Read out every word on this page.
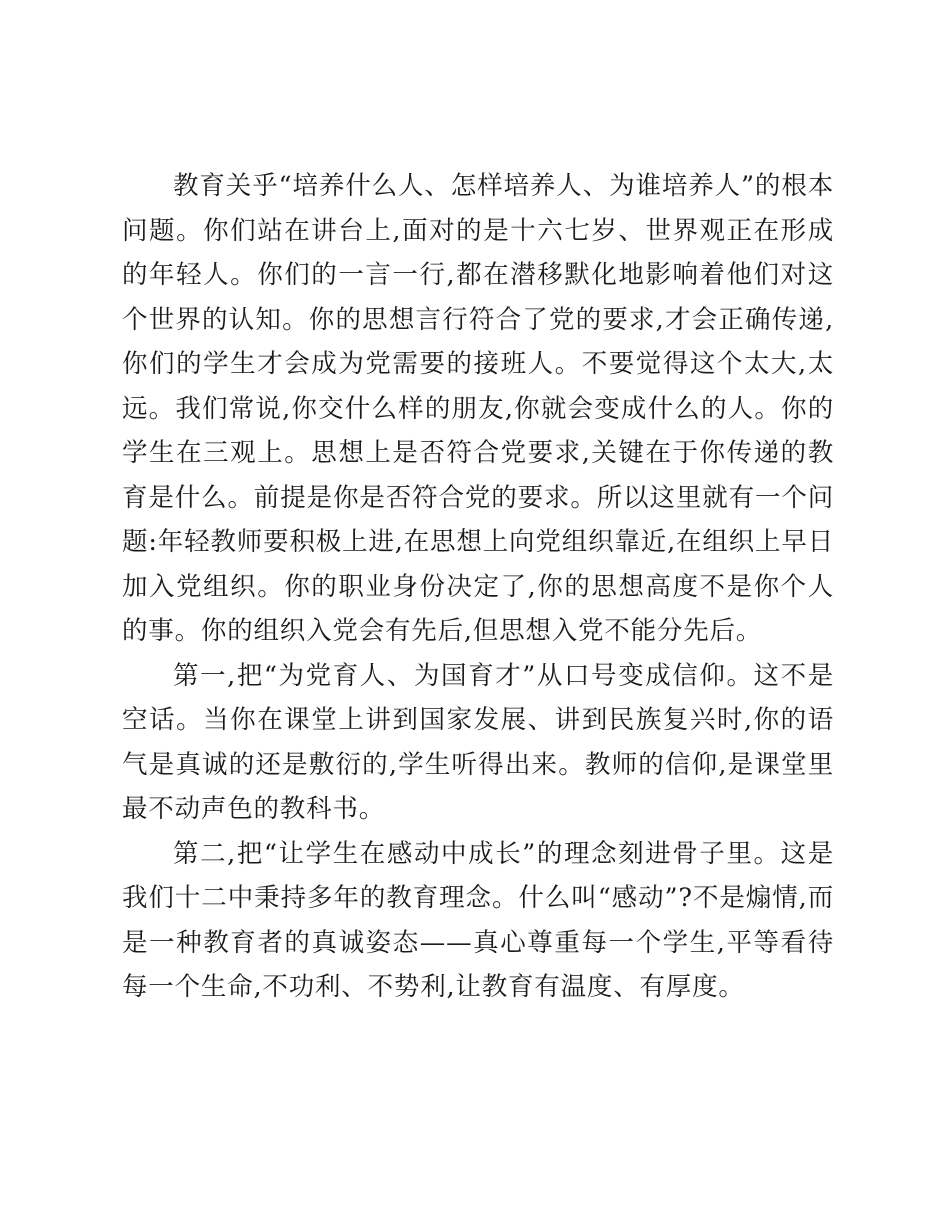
教育关乎“培养什么人、怎样培养人、为谁培养人”的根本问题。你们站在讲台上,面对的是十六七岁、世界观正在形成的年轻人。你们的一言一行,都在潜移默化地影响着他们对这个世界的认知。你的思想言行符合了党的要求,才会正确传递,你们的学生才会成为党需要的接班人。不要觉得这个太大,太远。我们常说,你交什么样的朋友,你就会变成什么的人。你的学生在三观上。思想上是否符合党要求,关键在于你传递的教育是什么。前提是你是否符合党的要求。所以这里就有一个问题:年轻教师要积极上进,在思想上向党组织靠近,在组织上早日加入党组织。你的职业身份决定了,你的思想高度不是你个人的事。你的组织入党会有先后,但思想入党不能分先后。

第一,把“为党育人、为国育才”从口号变成信仰。这不是空话。当你在课堂上讲到国家发展、讲到民族复兴时,你的语气是真诚的还是敷衍的,学生听得出来。教师的信仰,是课堂里最不动声色的教科书。

第二,把“让学生在感动中成长”的理念刻进骨子里。这是我们十二中秉持多年的教育理念。什么叫“感动”?不是煽情,而是一种教育者的真诚姿态——真心尊重每一个学生,平等看待每一个生命,不功利、不势利,让教育有温度、有厚度。
